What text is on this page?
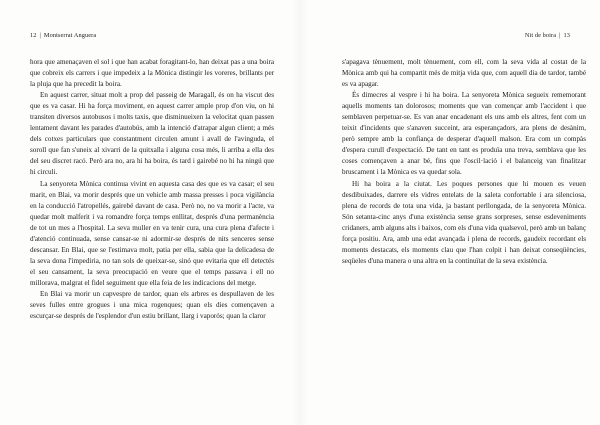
12 | Montserrat Anguera

hora que amenaçaven el sol i que han acabat foragitant-lo, han deixat pas a una boira que cobreix els carrers i que impedeix a la Mònica distingir les voreres, brillants per la pluja que ha precedit la boira.

En aquest carrer, situat molt a prop del passeig de Maragall, és on ha viscut des que es va casar. Hi ha força moviment, en aquest carrer ample prop d'on viu, on hi transiten diversos autobusos i molts taxis, que disminueixen la velocitat quan passen lentament davant les parades d'autobús, amb la intenció d'atrapar algun client; a més dels cotxes particulars que constantment circulen amunt i avall de l'avinguda, el soroll que fan s'uneix al xivarri de la quitxalla i alguna cosa més, li arriba a ella des del seu discret racó. Però ara no, ara hi ha boira, és tard i gairebé no hi ha ningú que hi circuli.

La senyoreta Mònica continua vivint en aquesta casa des que es va casar; el seu marit, en Blai, va morir després que un vehicle amb massa presses i poca vigilància en la conducció l'atropellés, gairebé davant de casa. Però no, no va morir a l'acte, va quedar molt malferit i va romandre força temps enllitat, després d'una permanència de tot un mes a l'hospital. La seva muller en va tenir cura, una cura plena d'afecte i d'atenció continuada, sense cansar-se ni adormir-se després de nits senceres sense descansar. En Blai, que se l'estimava molt, patia per ella, sabia que la delicadesa de la seva dona l'impediria, no tan sols de queixar-se, sinó que evitaria que ell detectés el seu cansament, la seva preocupació en veure que el temps passava i ell no millorava, malgrat el fidel seguiment que ella feia de les indicacions del metge.

En Blai va morir un capvespre de tardor, quan els arbres es despullaven de les seves fulles entre grogues i una mica rogenques; quan els dies començaven a escurçar-se després de l'esplendor d'un estiu brillant, llarg i vaporós; quan la claror

Nit de boira | 13

s'apagava tènuement, molt tènuement, com ell, com la seva vida al costat de la Mònica amb qui ha compartit més de mitja vida que, com aquell dia de tardor, també es va apagar.

És dimecres al vespre i hi ha boira. La senyoreta Mònica segueix rememorant aquells moments tan dolorosos; moments que van començar amb l'accident i que semblaven perpetuar-se. Es van anar encadenant els uns amb els altres, fent com un teixit d'incidents que s'anaven succeint, ara esperançadors, ara plens de desànim, però sempre amb la confiança de desperar d'aquell malson. Era com un compàs d'espera curull d'expectació. De tant en tant es produïa una treva, semblava que les coses començaven a anar bé, fins que l'oscil·lació i el balanceig van finalitzar bruscament i la Mònica es va quedar sola.

Hi ha boira a la ciutat. Les poques persones que hi mouen es veuen desdibuixades, darrere els vidres entelats de la saleta confortable i ara silenciosa, plena de records de tota una vida, ja bastant perllongada, de la senyoreta Mònica. Són setanta-cinc anys d'una existència sense grans sorpreses, sense esdeveniments cridaners, amb alguns alts i baixos, com els d'una vida qualsevol, però amb un balanç força positiu. Ara, amb una edat avançada i plena de records, gaudeix recordant els moments destacats, els moments clau que l'han colpit i han deixat conseqüències, seqüeles d'una manera o una altra en la continuïtat de la seva existència.
